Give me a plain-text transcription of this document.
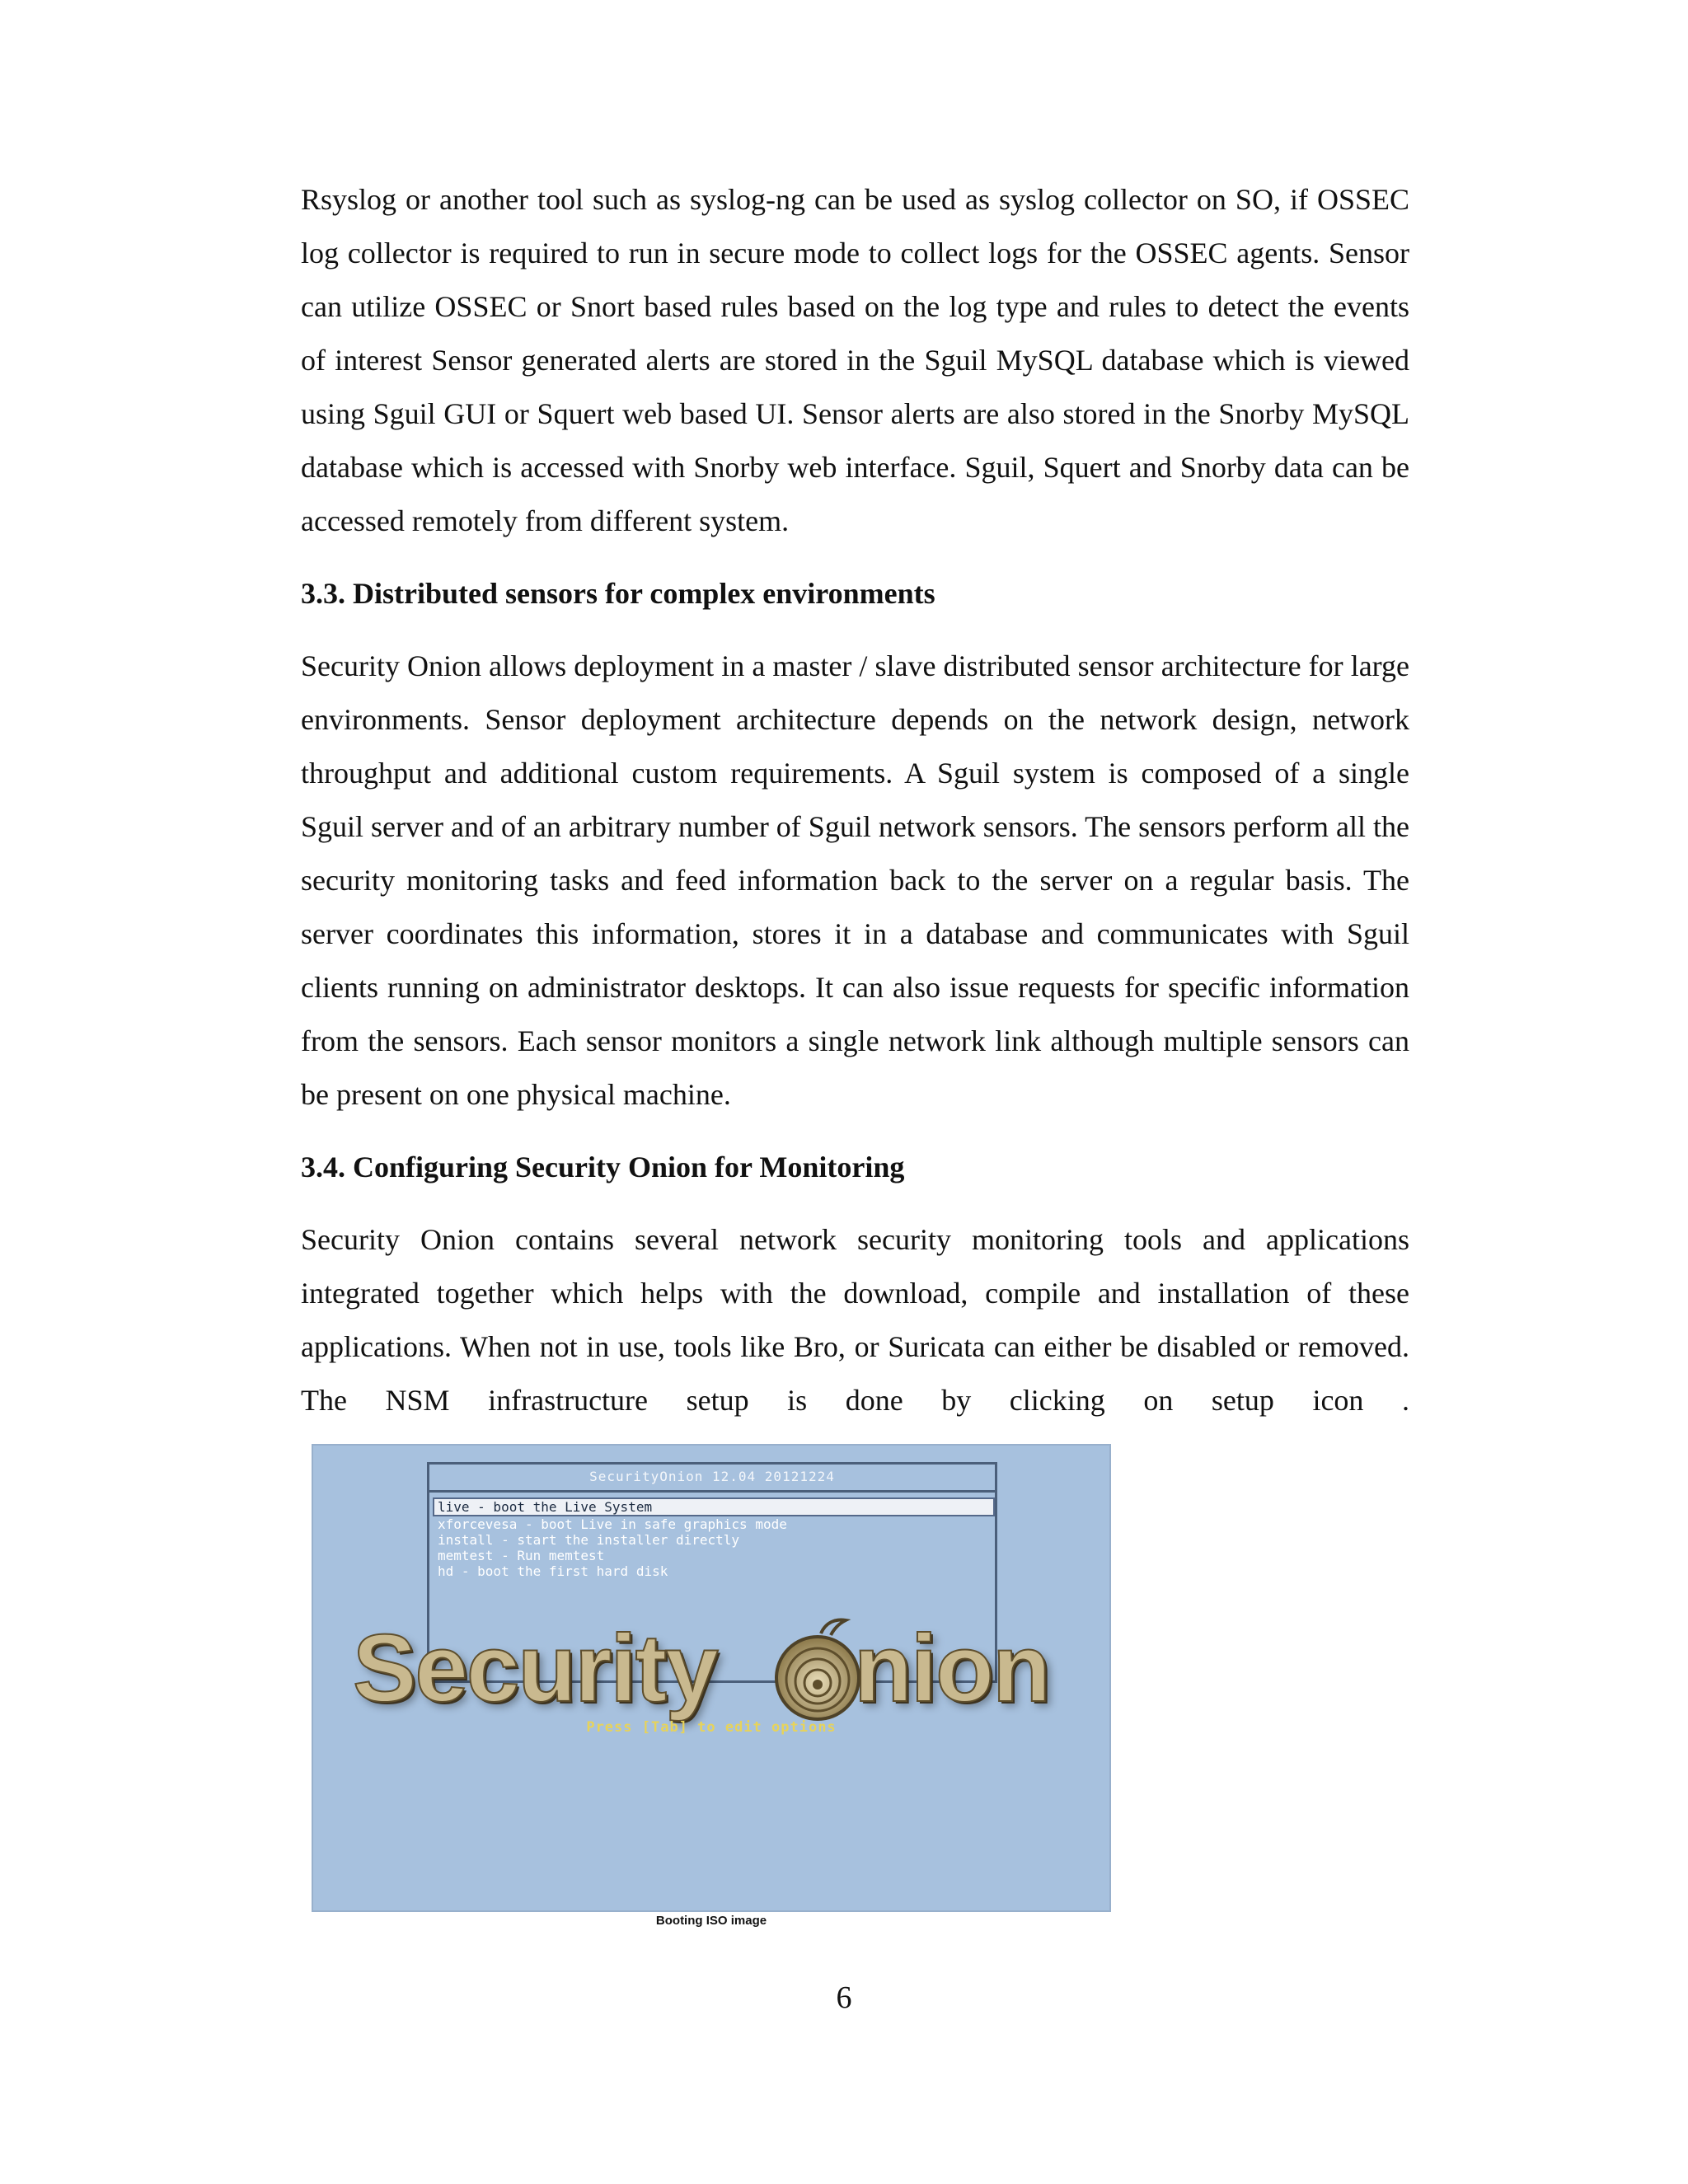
Rsyslog or another tool such as syslog-ng can be used as syslog collector on SO, if OSSEC log collector is required to run in secure mode to collect logs for the OSSEC agents. Sensor can utilize OSSEC or Snort based rules based on the log type and rules to detect the events of interest Sensor generated alerts are stored in the Sguil MySQL database which is viewed using Sguil GUI or Squert web based UI. Sensor alerts are also stored in the Snorby MySQL database which is accessed with Snorby web interface. Sguil, Squert and Snorby data can be accessed remotely from different system.

3.3. Distributed sensors for complex environments

Security Onion allows deployment in a master / slave distributed sensor architecture for large environments. Sensor deployment architecture depends on the network design, network throughput and additional custom requirements. A Sguil system is composed of a single Sguil server and of an arbitrary number of Sguil network sensors. The sensors perform all the security monitoring tasks and feed information back to the server on a regular basis. The server coordinates this information, stores it in a database and communicates with Sguil clients running on administrator desktops. It can also issue requests for specific information from the sensors. Each sensor monitors a single network link although multiple sensors can be present on one physical machine.

3.4. Configuring Security Onion for Monitoring

Security Onion contains several network security monitoring tools and applications integrated together which helps with the download, compile and installation of these applications. When not in use, tools like Bro, or Suricata can either be disabled or removed. The NSM infrastructure setup is done by clicking on setup icon .

SecurityOnion 12.04 20121224
live - boot the Live System
xforcevesa - boot Live in safe graphics mode
install - start the installer directly
memtest - Run memtest
hd - boot the first hard disk
Security nion
Press [Tab] to edit options
Booting ISO image
6
